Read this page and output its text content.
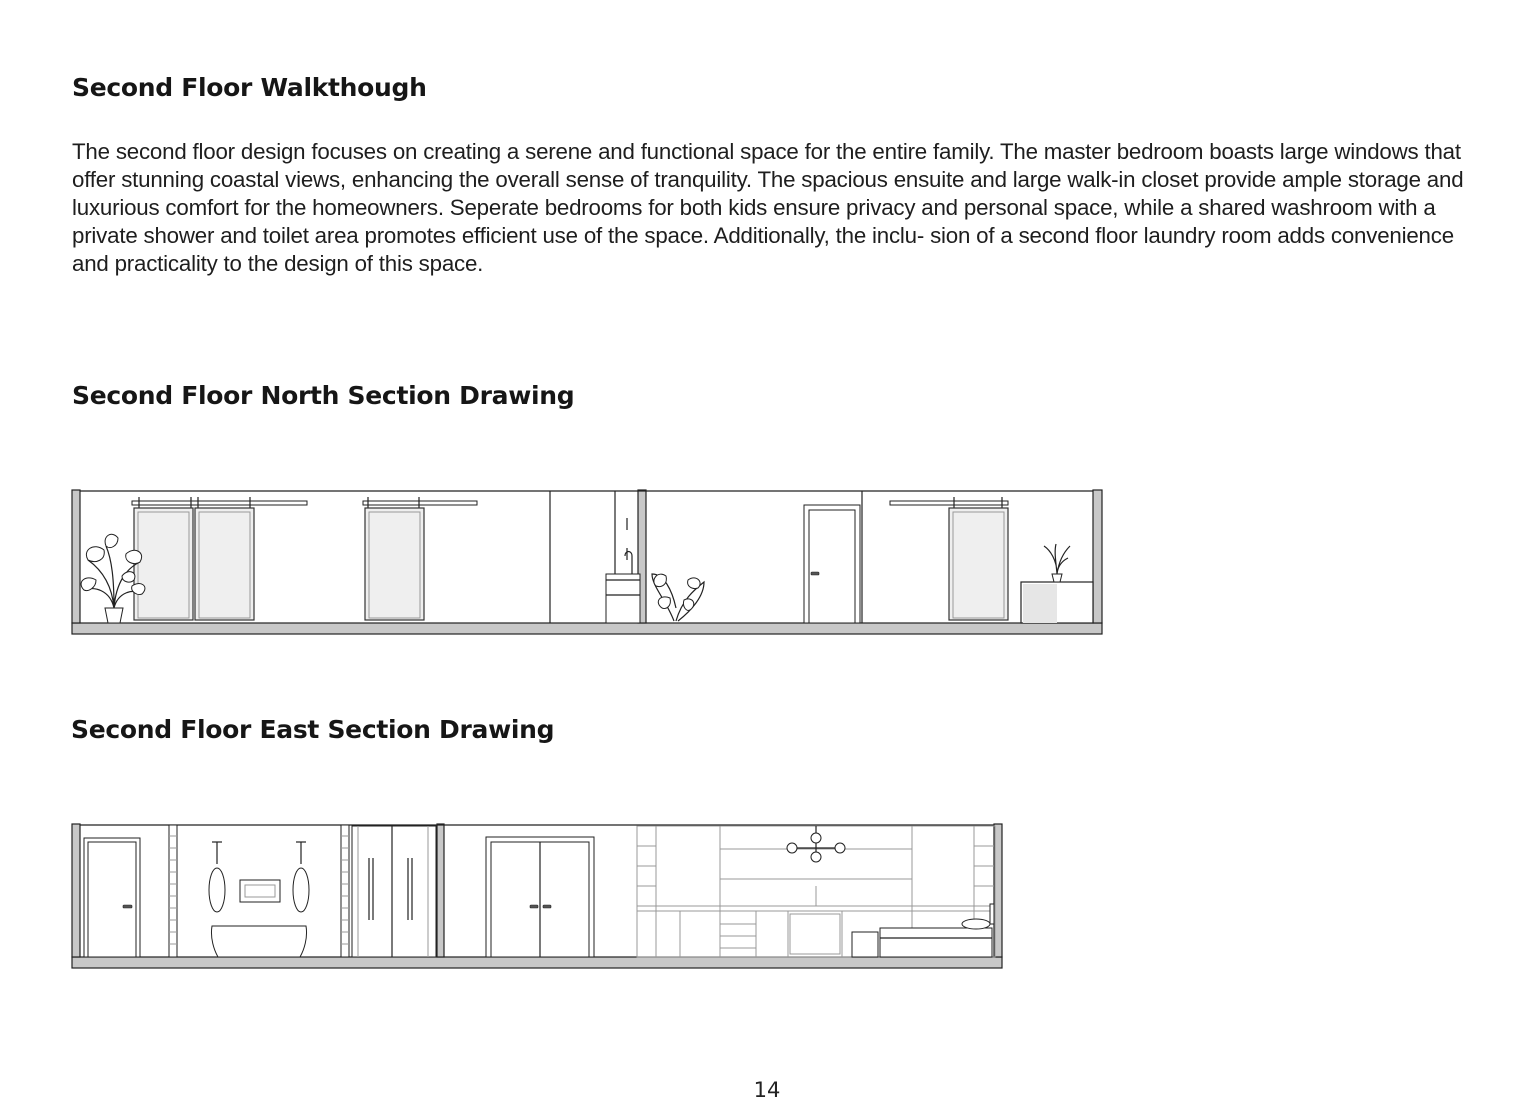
Second Floor Walkthough

The second floor design focuses on creating a serene and functional space for the entire family. The master bedroom boasts large windows that offer stunning coastal views, enhancing the overall sense of tranquility. The spacious ensuite and large walk-in closet provide ample storage and luxurious comfort for the homeowners. Seperate bedrooms for both kids ensure privacy and personal space, while a shared washroom with a private shower and toilet area promotes efficient use of the space. Additionally, the inclu- sion of a second floor laundry room adds convenience and practicality to the design of this space.

Second Floor North Section Drawing
Second Floor East Section Drawing
14
